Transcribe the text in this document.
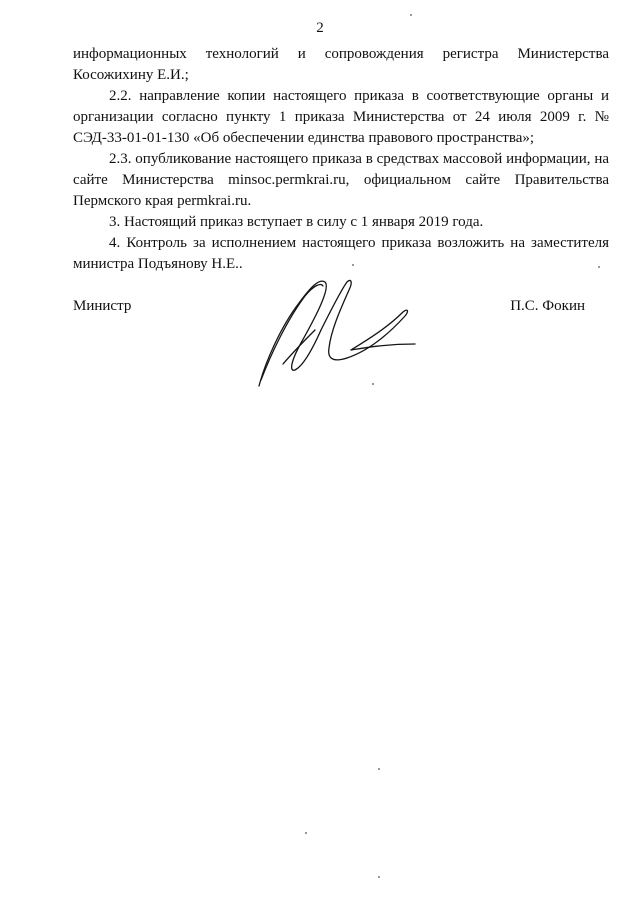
2

информационных технологий и сопровождения регистра Министерства

Косожихину Е.И.;

2.2. направление копии настоящего приказа в соответствующие органы и организации согласно пункту 1 приказа Министерства от 24 июля 2009 г. № СЭД-33-01-01-130 «Об обеспечении единства правового пространства»;

2.3. опубликование настоящего приказа в средствах массовой информации, на сайте Министерства minsoc.permkrai.ru, официальном сайте Правительства Пермского края permkrai.ru.

3. Настоящий приказ вступает в силу с 1 января 2019 года.

4. Контроль за исполнением настоящего приказа возложить на заместителя министра Подъянову Н.Е..

Министр	П.С. Фокин
